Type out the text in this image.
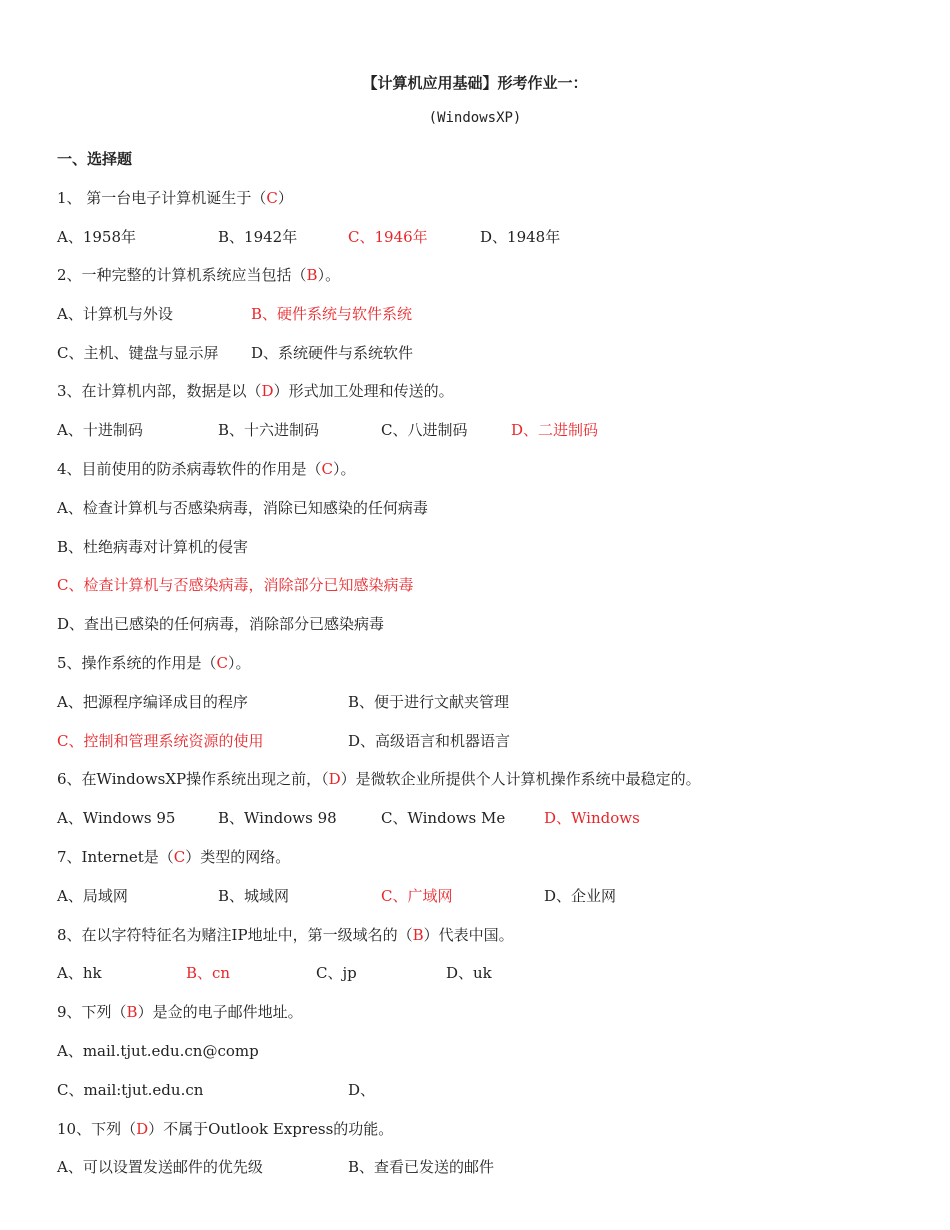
【计算机应用基础】形考作业一：
(WindowsXP)
一、选择题
1、 第一台电子计算机诞生于（C）
A、1958年	B、1942年	C、1946年	D、1948年
2、一种完整的计算机系统应当包括（B）。
A、计算机与外设	B、硬件系统与软件系统
C、主机、键盘与显示屏 D、系统硬件与系统软件
3、在计算机内部，数据是以（D）形式加工处理和传送的。
A、十进制码	B、十六进制码	C、八进制码	D、二进制码
4、目前使用的防杀病毒软件的作用是（C）。
A、检查计算机与否感染病毒，消除已知感染的任何病毒
B、杜绝病毒对计算机的侵害
C、检查计算机与否感染病毒，消除部分已知感染病毒
D、查出已感染的任何病毒，消除部分已感染病毒
5、操作系统的作用是（C）。
A、把源程序编译成目的程序	B、便于进行文献夹管理
C、控制和管理系统资源的使用	D、高级语言和机器语言
6、在WindowsXP操作系统出现之前，（D）是微软企业所提供个人计算机操作系统中最稳定的。
A、Windows 95	B、Windows 98	C、Windows Me	D、Windows
7、Internet是（C）类型的网络。
A、局域网	B、城域网	C、广域网	D、企业网
8、在以字符特征名为赌注IP地址中，第一级域名的（B）代表中国。
A、hk	B、cn	C、jp	D、uk
9、下列（B）是佥的电子邮件地址。
A、mail.tjut.edu.cn@comp
C、mail:tjut.edu.cn	D、
10、下列（D）不属于Outlook Express的功能。
A、可以设置发送邮件的优先级	B、查看已发送的邮件
